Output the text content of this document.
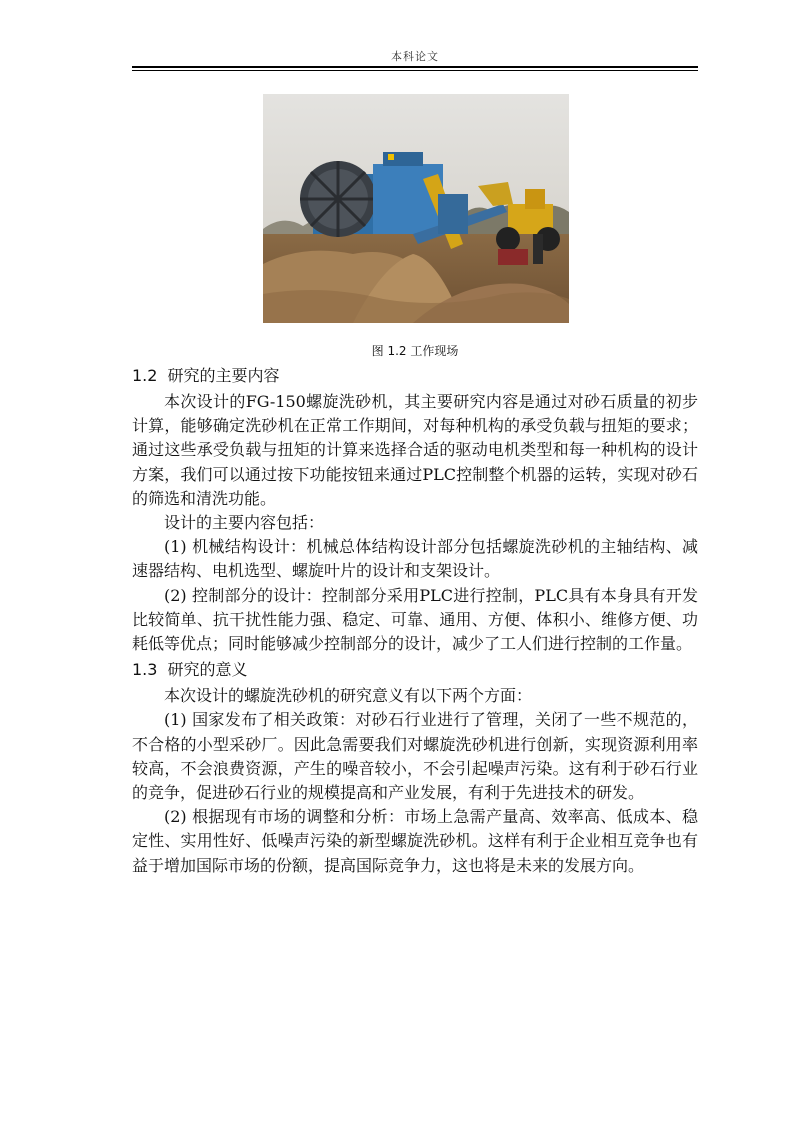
本科论文
图 1.2 工作现场
1.2 研究的主要内容

本次设计的FG-150螺旋洗砂机，其主要研究内容是通过对砂石质量的初步计算，能够确定洗砂机在正常工作期间，对每种机构的承受负载与扭矩的要求；通过这些承受负载与扭矩的计算来选择合适的驱动电机类型和每一种机构的设计方案，我们可以通过按下功能按钮来通过PLC控制整个机器的运转，实现对砂石的筛选和清洗功能。

设计的主要内容包括：

(1) 机械结构设计：机械总体结构设计部分包括螺旋洗砂机的主轴结构、减速器结构、电机选型、螺旋叶片的设计和支架设计。

(2) 控制部分的设计：控制部分采用PLC进行控制，PLC具有本身具有开发比较简单、抗干扰性能力强、稳定、可靠、通用、方便、体积小、维修方便、功耗低等优点；同时能够减少控制部分的设计，减少了工人们进行控制的工作量。

1.3 研究的意义

本次设计的螺旋洗砂机的研究意义有以下两个方面：

(1) 国家发布了相关政策：对砂石行业进行了管理，关闭了一些不规范的，不合格的小型采砂厂。因此急需要我们对螺旋洗砂机进行创新，实现资源利用率较高，不会浪费资源，产生的噪音较小，不会引起噪声污染。这有利于砂石行业的竞争，促进砂石行业的规模提高和产业发展，有利于先进技术的研发。

(2) 根据现有市场的调整和分析：市场上急需产量高、效率高、低成本、稳定性、实用性好、低噪声污染的新型螺旋洗砂机。这样有利于企业相互竞争也有益于增加国际市场的份额，提高国际竞争力，这也将是未来的发展方向。
